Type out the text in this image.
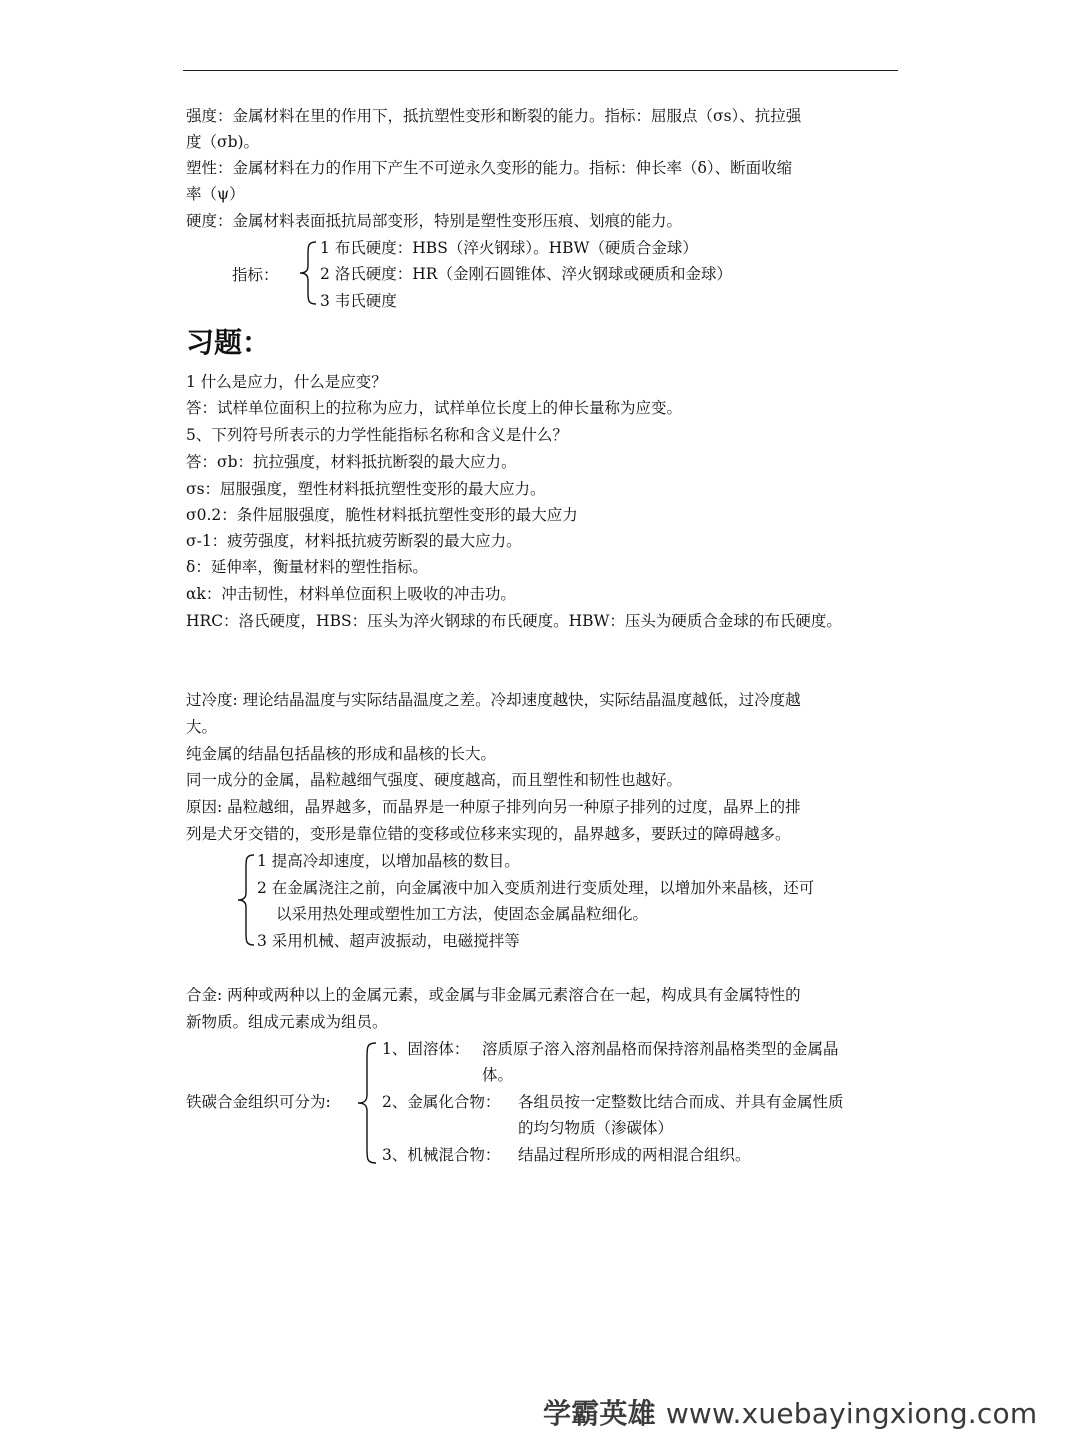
强度：金属材料在里的作用下，抵抗塑性变形和断裂的能力。指标：屈服点（σs）、抗拉强
度（σb)。
塑性：金属材料在力的作用下产生不可逆永久变形的能力。指标：伸长率（δ）、断面收缩
率（ψ）
硬度：金属材料表面抵抗局部变形，特别是塑性变形压痕、划痕的能力。
指标：
1 布氏硬度：HBS（淬火钢球）。HBW（硬质合金球）
2 洛氏硬度：HR（金刚石圆锥体、淬火钢球或硬质和金球）
3 韦氏硬度
习题：
1 什么是应力，什么是应变？
答：试样单位面积上的拉称为应力，试样单位长度上的伸长量称为应变。
5、下列符号所表示的力学性能指标名称和含义是什么？
答：σb：抗拉强度，材料抵抗断裂的最大应力。
σs：屈服强度，塑性材料抵抗塑性变形的最大应力。
σ0.2：条件屈服强度，脆性材料抵抗塑性变形的最大应力
σ-1：疲劳强度，材料抵抗疲劳断裂的最大应力。
δ：延伸率，衡量材料的塑性指标。
αk：冲击韧性，材料单位面积上吸收的冲击功。
HRC：洛氏硬度，HBS：压头为淬火钢球的布氏硬度。HBW：压头为硬质合金球的布氏硬度。
过冷度: 理论结晶温度与实际结晶温度之差。冷却速度越快，实际结晶温度越低，过冷度越
大。
纯金属的结晶包括晶核的形成和晶核的长大。
同一成分的金属，晶粒越细气强度、硬度越高，而且塑性和韧性也越好。
原因: 晶粒越细，晶界越多，而晶界是一种原子排列向另一种原子排列的过度，晶界上的排
列是犬牙交错的，变形是靠位错的变移或位移来实现的，晶界越多，要跃过的障碍越多。
1 提高冷却速度，以增加晶核的数目。
2 在金属浇注之前，向金属液中加入变质剂进行变质处理，以增加外来晶核，还可
以采用热处理或塑性加工方法，使固态金属晶粒细化。
3 采用机械、超声波振动，电磁搅拌等
合金: 两种或两种以上的金属元素，或金属与非金属元素溶合在一起，构成具有金属特性的
新物质。组成元素成为组员。
铁碳合金组织可分为:
1、固溶体： 溶质原子溶入溶剂晶格而保持溶剂晶格类型的金属晶
体。
2、金属化合物： 各组员按一定整数比结合而成、并具有金属性质
的均匀物质（渗碳体）
3、机械混合物： 结晶过程所形成的两相混合组织。
学霸英雄 www.xuebayingxiong.com
